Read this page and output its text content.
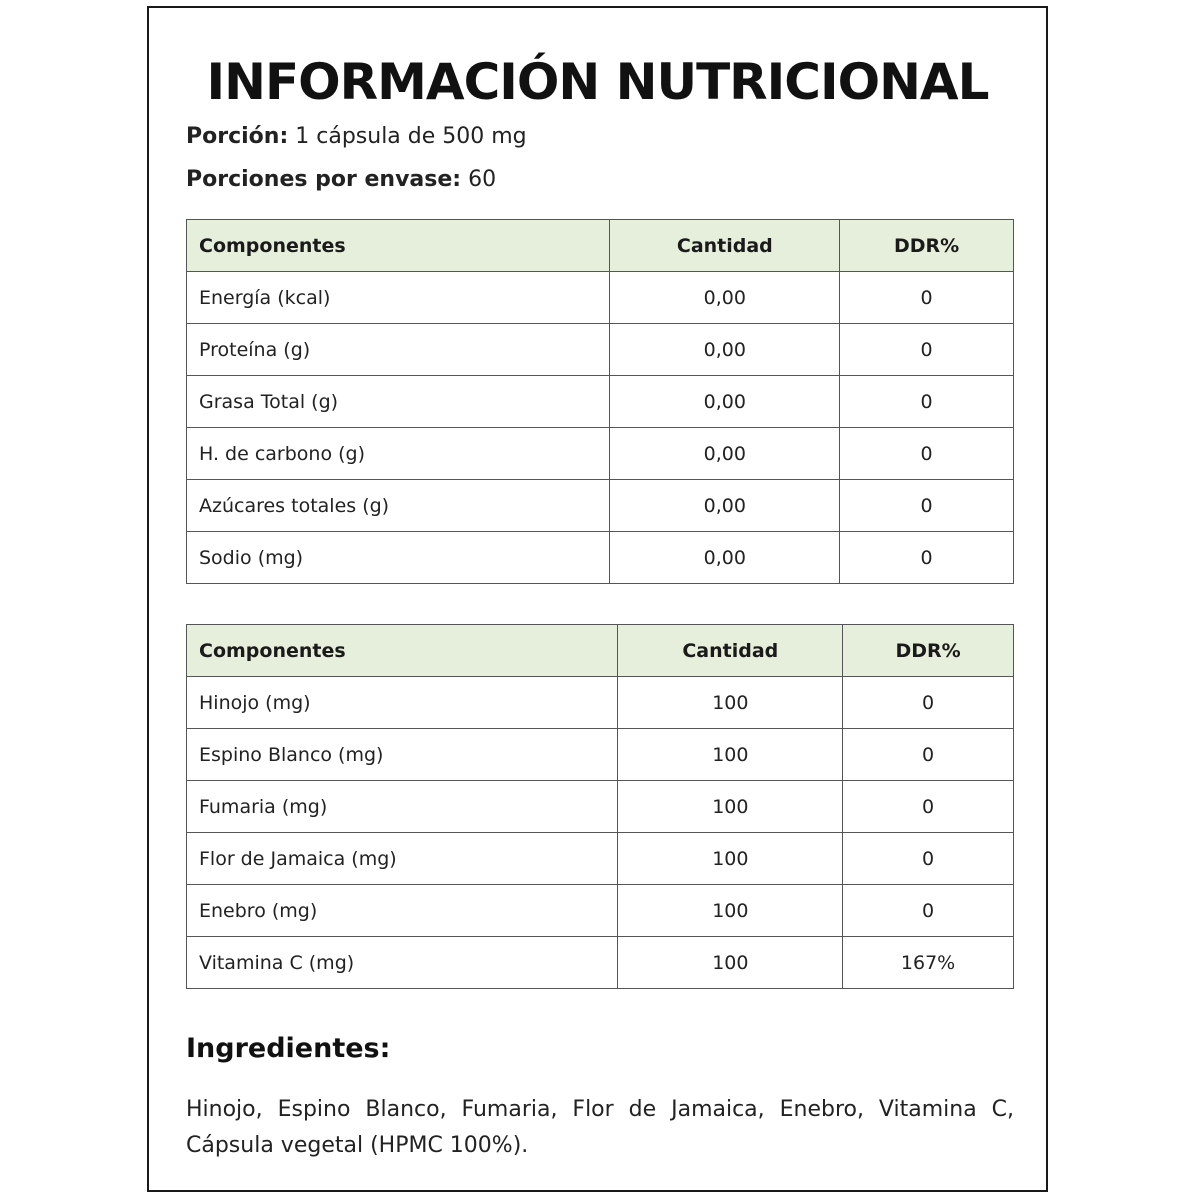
INFORMACIÓN NUTRICIONAL
Porción: 1 cápsula de 500 mg
Porciones por envase: 60
Componentes	Cantidad	DDR%
Energía (kcal)	0,00	0
Proteína (g)	0,00	0
Grasa Total (g)	0,00	0
H. de carbono (g)	0,00	0
Azúcares totales (g)	0,00	0
Sodio (mg)	0,00	0
Componentes	Cantidad	DDR%
Hinojo (mg)	100	0
Espino Blanco (mg)	100	0
Fumaria (mg)	100	0
Flor de Jamaica (mg)	100	0
Enebro (mg)	100	0
Vitamina C (mg)	100	167%
Ingredientes:
Hinojo, Espino Blanco, Fumaria, Flor de Jamaica, Enebro, Vitamina C, Cápsula vegetal (HPMC 100%).
